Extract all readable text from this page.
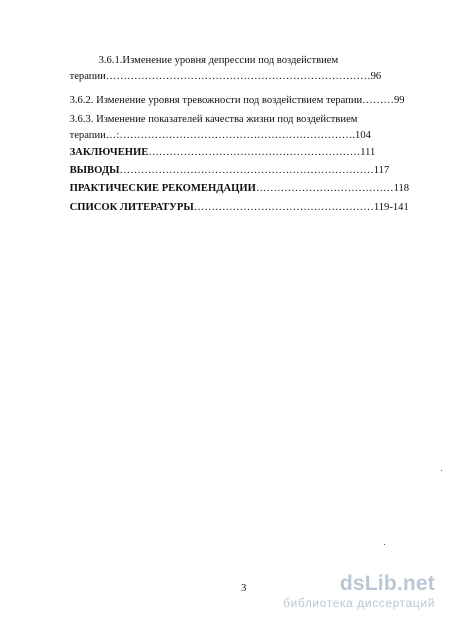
3.6.1.Изменение уровня депрессии под воздействием

терапии…………………………………………………………………96

3.6.2. Изменение уровня тревожности под воздействием терапии………99

3.6.3. Изменение показателей качества жизни под воздействием

терапии…:………………………………………………………….104

ЗАКЛЮЧЕНИЕ……………………………………………………111

ВЫВОДЫ………………………………………………………………117

ПРАКТИЧЕСКИЕ РЕКОМЕНДАЦИИ…………………………………118

СПИСОК ЛИТЕРАТУРЫ……………………………………………119-141

3	dsLib.net
библиотека диссертаций
